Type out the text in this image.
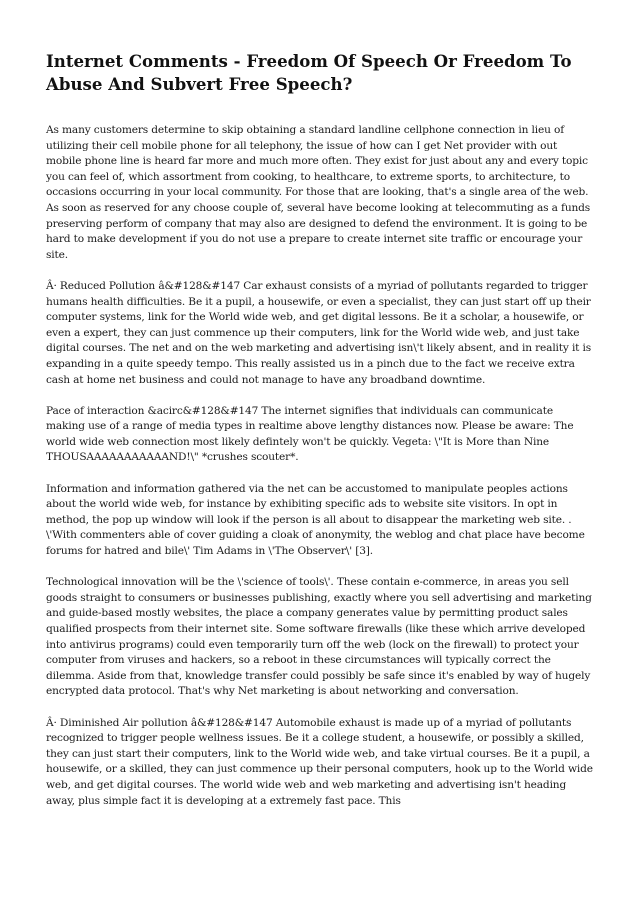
Internet Comments - Freedom Of Speech Or Freedom To Abuse And Subvert Free Speech?

As many customers determine to skip obtaining a standard landline cellphone connection in lieu of utilizing their cell mobile phone for all telephony, the issue of how can I get Net provider with out mobile phone line is heard far more and much more often. They exist for just about any and every topic you can feel of, which assortment from cooking, to healthcare, to extreme sports, to architecture, to occasions occurring in your local community. For those that are looking, that's a single area of the web. As soon as reserved for any choose couple of, several have become looking at telecommuting as a funds preserving perform of company that may also are designed to defend the environment. It is going to be hard to make development if you do not use a prepare to create internet site traffic or encourage your site.

Â· Reduced Pollution â&#128&#147 Car exhaust consists of a myriad of pollutants regarded to trigger humans health difficulties. Be it a pupil, a housewife, or even a specialist, they can just start off up their computer systems, link for the World wide web, and get digital lessons. Be it a scholar, a housewife, or even a expert, they can just commence up their computers, link for the World wide web, and just take digital courses. The net and on the web marketing and advertising isn\'t likely absent, and in reality it is expanding in a quite speedy tempo. This really assisted us in a pinch due to the fact we receive extra cash at home net business and could not manage to have any broadband downtime.

Pace of interaction &acirc&#128&#147 The internet signifies that individuals can communicate making use of a range of media types in realtime above lengthy distances now. Please be aware: The world wide web connection most likely defintely won't be quickly. Vegeta: \"It is More than Nine THOUSAAAAAAAAAAAND!\" *crushes scouter*.

Information and information gathered via the net can be accustomed to manipulate peoples actions about the world wide web, for instance by exhibiting specific ads to website site visitors. In opt in method, the pop up window will look if the person is all about to disappear the marketing web site. . \'With commenters able of cover guiding a cloak of anonymity, the weblog and chat place have become forums for hatred and bile\' Tim Adams in \'The Observer\' [3].

Technological innovation will be the \'science of tools\'. These contain e-commerce, in areas you sell goods straight to consumers or businesses publishing, exactly where you sell advertising and marketing and guide-based mostly websites, the place a company generates value by permitting product sales qualified prospects from their internet site. Some software firewalls (like these which arrive developed into antivirus programs) could even temporarily turn off the web (lock on the firewall) to protect your computer from viruses and hackers, so a reboot in these circumstances will typically correct the dilemma. Aside from that, knowledge transfer could possibly be safe since it's enabled by way of hugely encrypted data protocol. That's why Net marketing is about networking and conversation.

Â· Diminished Air pollution â&#128&#147 Automobile exhaust is made up of a myriad of pollutants recognized to trigger people wellness issues. Be it a college student, a housewife, or possibly a skilled, they can just start their computers, link to the World wide web, and take virtual courses. Be it a pupil, a housewife, or a skilled, they can just commence up their personal computers, hook up to the World wide web, and get digital courses. The world wide web and web marketing and advertising isn't heading away, plus simple fact it is developing at a extremely fast pace. This
